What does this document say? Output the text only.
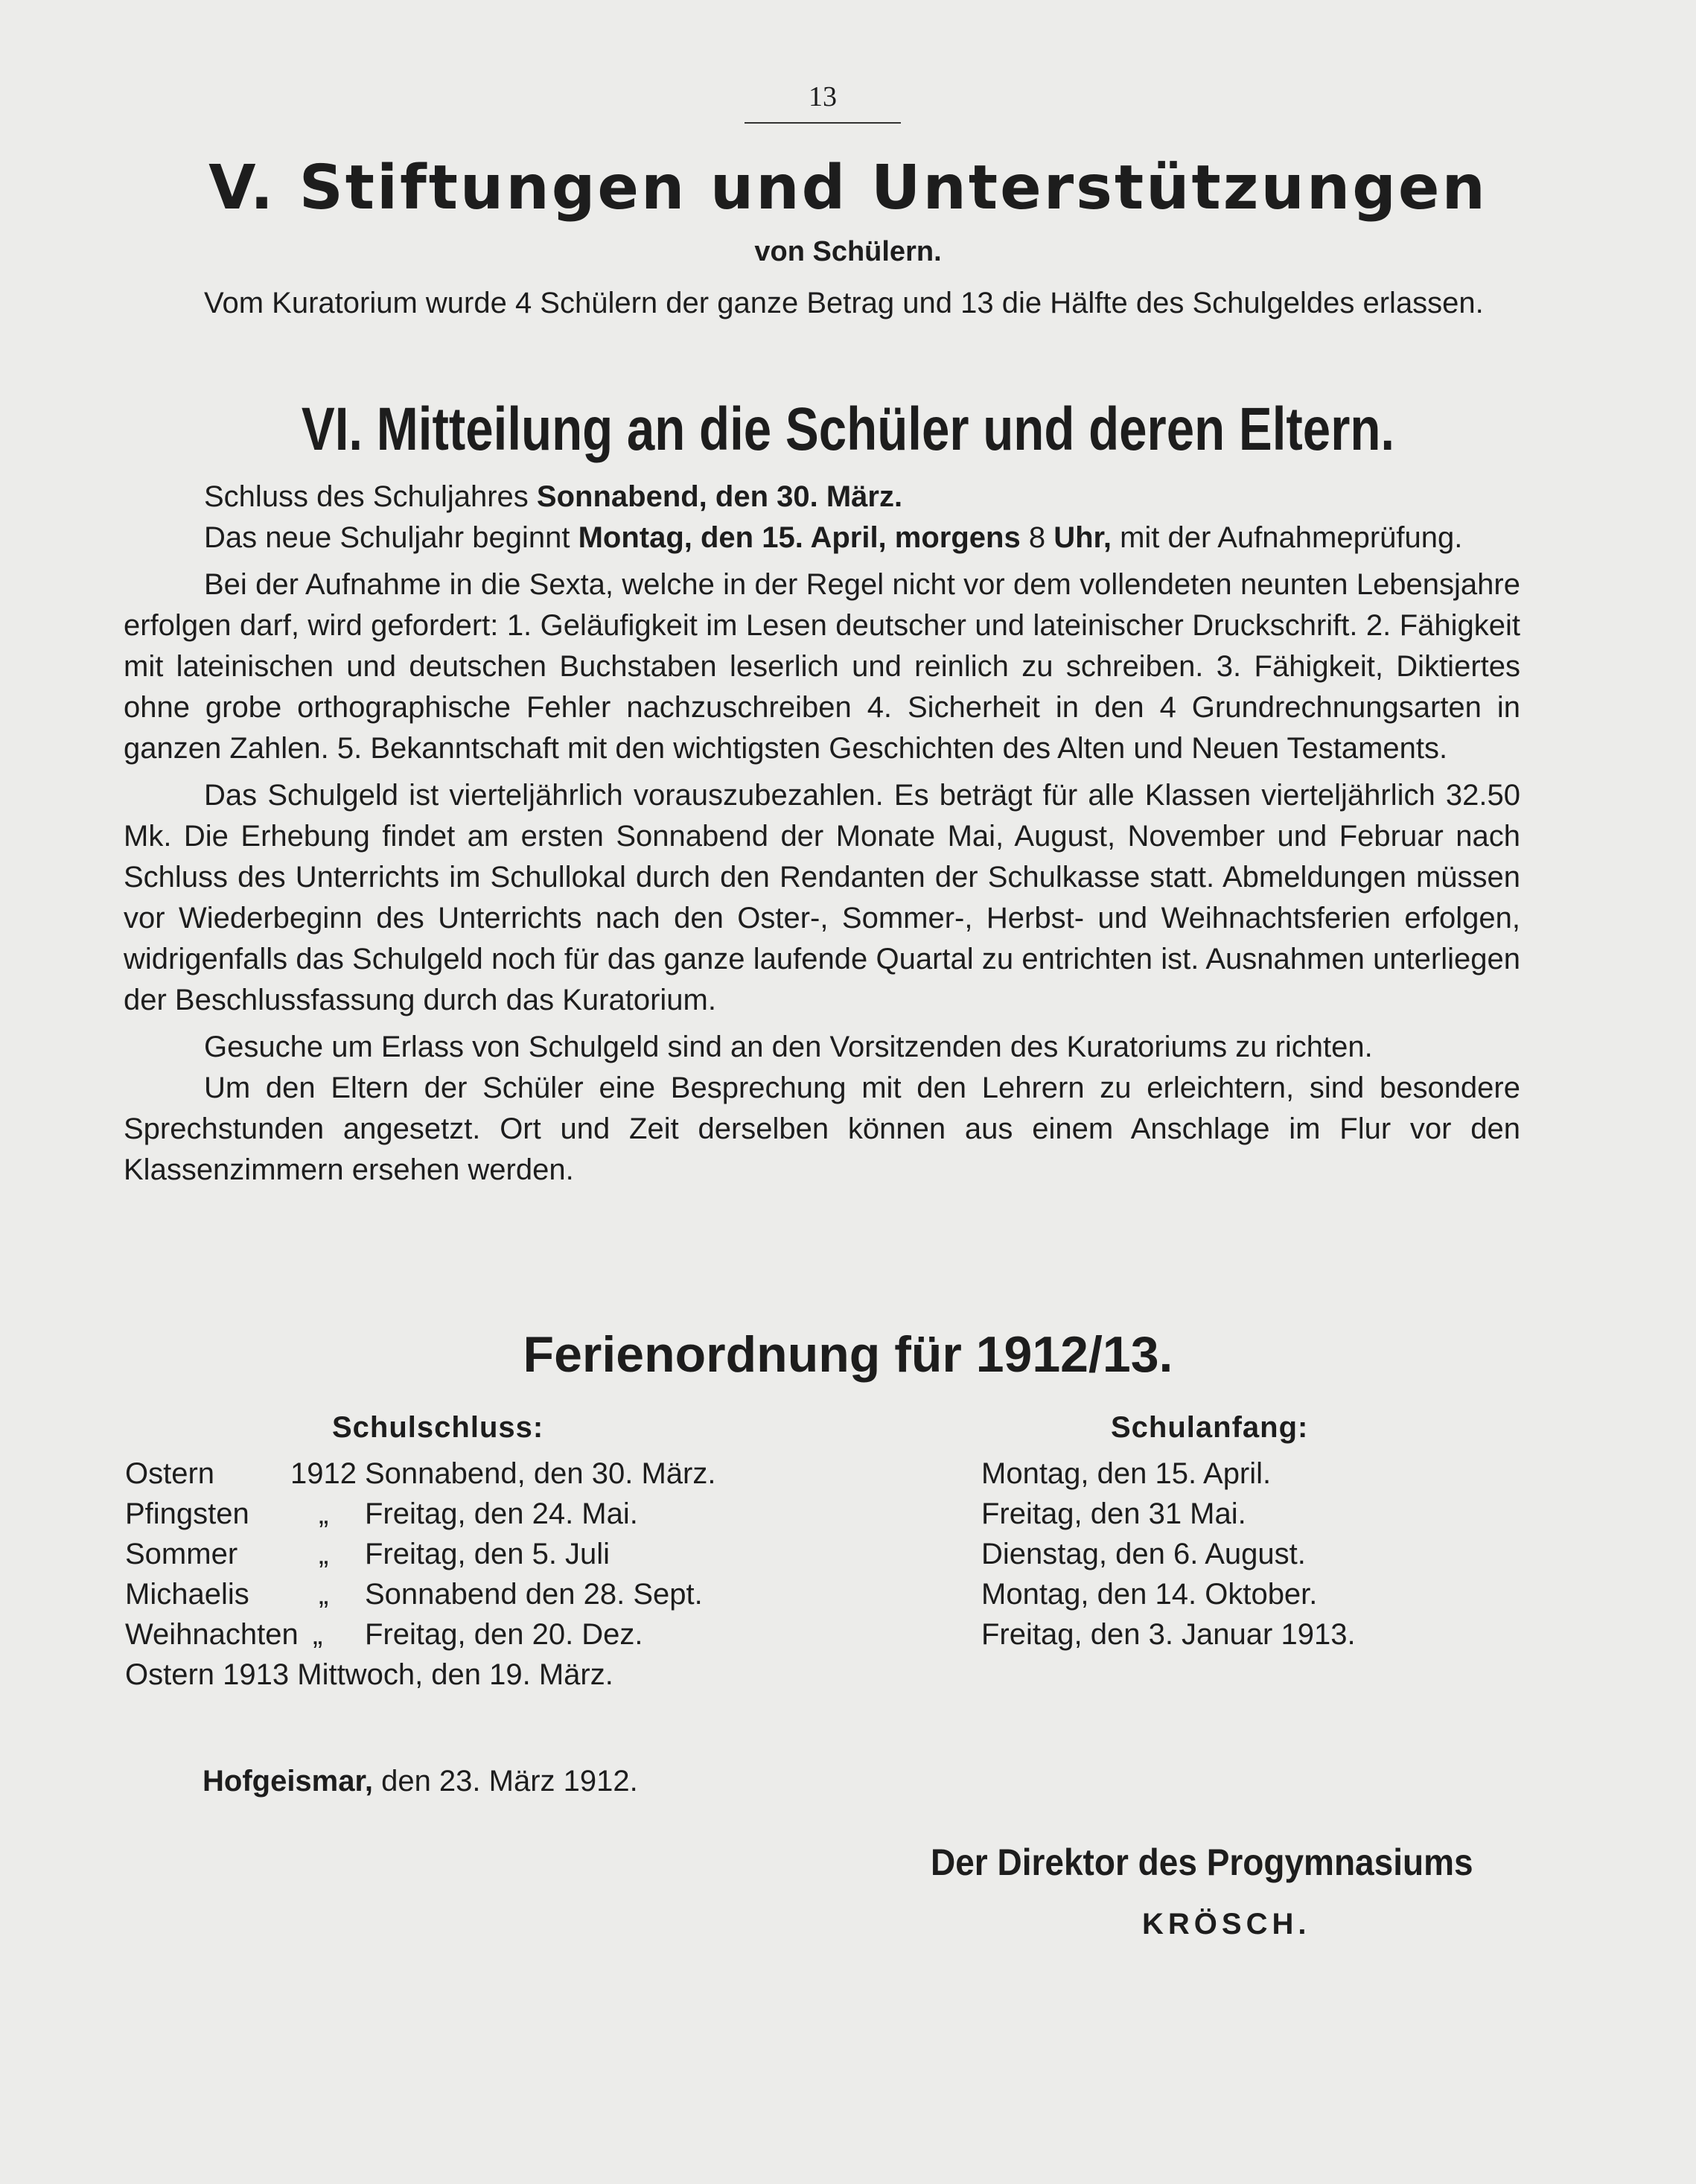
13
V. Stiftungen und Unterstützungen
von Schülern.

Vom Kuratorium wurde 4 Schülern der ganze Betrag und 13 die Hälfte des Schulgeldes erlassen.

VI. Mitteilung an die Schüler und deren Eltern.

Schluss des Schuljahres Sonnabend, den 30. März.

Das neue Schuljahr beginnt Montag, den 15. April, morgens 8 Uhr, mit der Aufnahmeprüfung.

Bei der Aufnahme in die Sexta, welche in der Regel nicht vor dem vollendeten neunten Lebensjahre erfolgen darf, wird gefordert: 1. Geläufigkeit im Lesen deutscher und lateinischer Druckschrift. 2. Fähigkeit mit lateinischen und deutschen Buchstaben leserlich und reinlich zu schreiben. 3. Fähigkeit, Diktiertes ohne grobe orthographische Fehler nachzuschreiben 4. Sicherheit in den 4 Grundrechnungsarten in ganzen Zahlen. 5. Bekanntschaft mit den wichtigsten Geschichten des Alten und Neuen Testaments.

Das Schulgeld ist vierteljährlich vorauszubezahlen. Es beträgt für alle Klassen vierteljährlich 32.50 Mk. Die Erhebung findet am ersten Sonnabend der Monate Mai, August, November und Februar nach Schluss des Unterrichts im Schullokal durch den Rendanten der Schulkasse statt. Abmeldungen müssen vor Wiederbeginn des Unterrichts nach den Oster-, Sommer-, Herbst- und Weihnachtsferien erfolgen, widrigenfalls das Schulgeld noch für das ganze laufende Quartal zu entrichten ist. Ausnahmen unterliegen der Beschlussfassung durch das Kuratorium.

Gesuche um Erlass von Schulgeld sind an den Vorsitzenden des Kuratoriums zu richten.

Um den Eltern der Schüler eine Besprechung mit den Lehrern zu erleichtern, sind besondere Sprechstunden angesetzt. Ort und Zeit derselben können aus einem Anschlage im Flur vor den Klassenzimmern ersehen werden.

Ferienordnung für 1912/13.
Schulschluss:	Schulanfang:
Ostern	1912 Sonnabend, den 30. März.	Montag, den 15. April.
Pfingsten „ Freitag, den 24. Mai.	Freitag, den 31 Mai.
Sommer	„ Freitag, den 5. Juli	Dienstag, den 6. August.
Michaelis „ Sonnabend den 28. Sept.	Montag, den 14. Oktober.
Weihnachten „ Freitag, den 20. Dez.	Freitag, den 3. Januar 1913.
Ostern 1913 Mittwoch, den 19. März.
Hofgeismar, den 23. März 1912.
Der Direktor des Progymnasiums
KRÖSCH.
